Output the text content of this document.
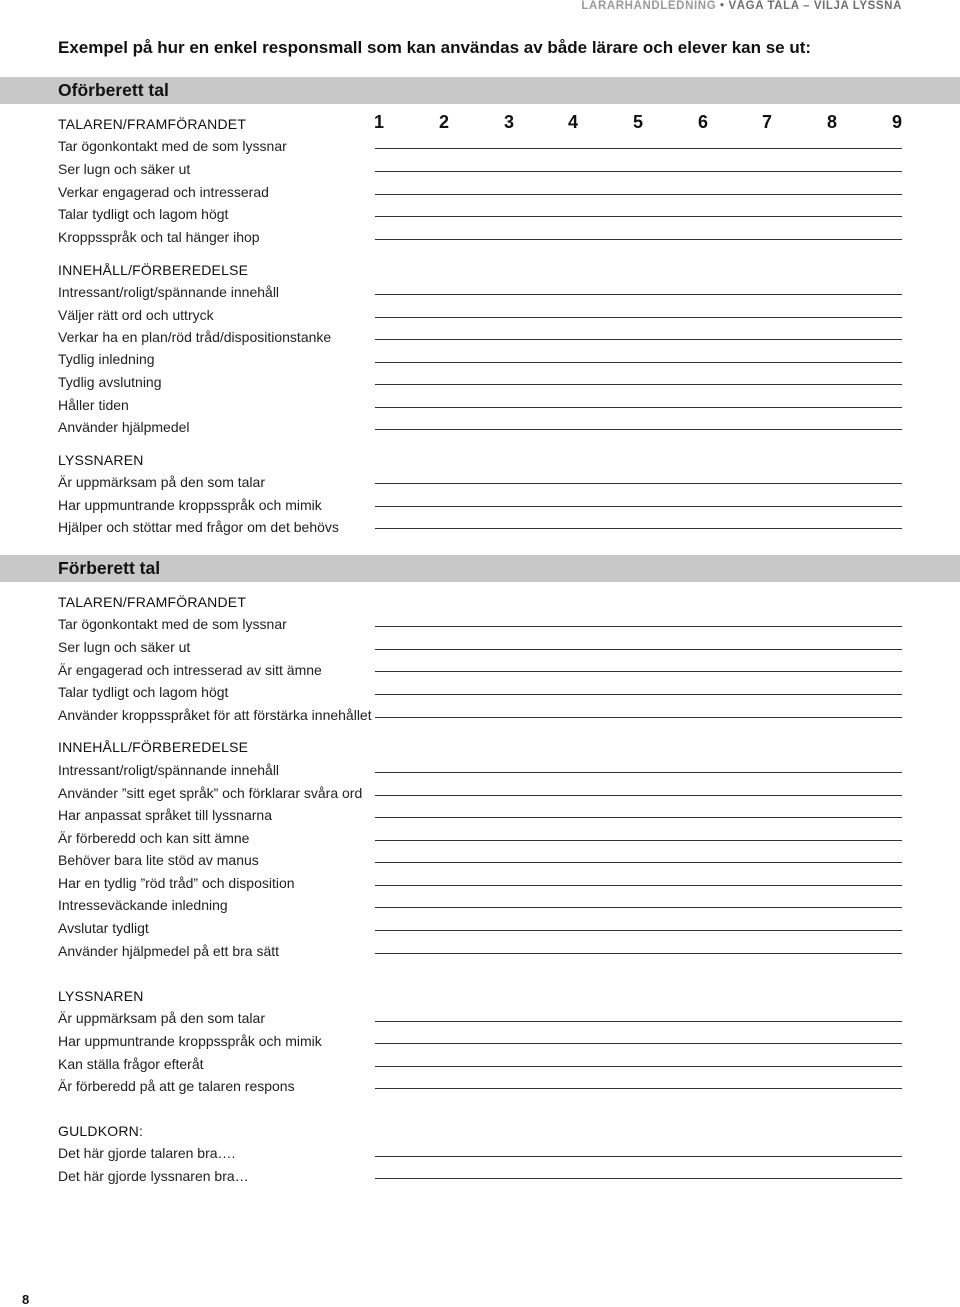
LÄRARHANDLEDNING • VÅGA TALA – VILJA LYSSNA
Exempel på hur en enkel responsmall som kan användas av både lärare och elever kan se ut:
1	2	3	4	5	6	7	8	9
Oförberett tal
TALAREN/FRAMFÖRANDET
Tar ögonkontakt med de som lyssnar
Ser lugn och säker ut
Verkar engagerad och intresserad
Talar tydligt och lagom högt
Kroppsspråk och tal hänger ihop
INNEHÅLL/FÖRBEREDELSE
Intressant/roligt/spännande innehåll
Väljer rätt ord och uttryck
Verkar ha en plan/röd tråd/dispositionstanke
Tydlig inledning
Tydlig avslutning
Håller tiden
Använder hjälpmedel
LYSSNAREN
Är uppmärksam på den som talar
Har uppmuntrande kroppsspråk och mimik
Hjälper och stöttar med frågor om det behövs
Förberett tal
TALAREN/FRAMFÖRANDET
Tar ögonkontakt med de som lyssnar
Ser lugn och säker ut
Är engagerad och intresserad av sitt ämne
Talar tydligt och lagom högt
Använder kroppsspråket för att förstärka innehållet
INNEHÅLL/FÖRBEREDELSE
Intressant/roligt/spännande innehåll
Använder ”sitt eget språk” och förklarar svåra ord
Har anpassat språket till lyssnarna
Är förberedd och kan sitt ämne
Behöver bara lite stöd av manus
Har en tydlig ”röd tråd” och disposition
Intresseväckande inledning
Avslutar tydligt
Använder hjälpmedel på ett bra sätt
LYSSNAREN
Är uppmärksam på den som talar
Har uppmuntrande kroppsspråk och mimik
Kan ställa frågor efteråt
Är förberedd på att ge talaren respons
GULDKORN:
Det här gjorde talaren bra….
Det här gjorde lyssnaren bra…
8
